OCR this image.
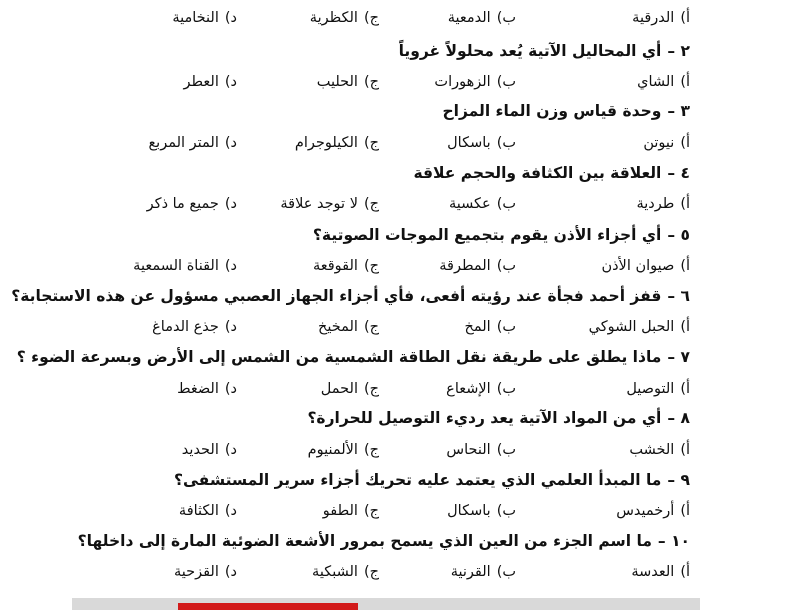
أ)الدرقية
ب)الدمعية
ج)الكظرية
د)النخامية
٢ –أي المحاليل الآتية يُعد محلولاً غروياً
أ)الشاي
ب)الزهورات
ج)الحليب
د)العطر
٣ –وحدة قياس وزن الماء المزاح
أ)نيوتن
ب)باسكال
ج)الكيلوجرام
د)المتر المربع
٤ –العلاقة بين الكثافة والحجم علاقة
أ)طردية
ب)عكسية
ج)لا توجد علاقة
د)جميع ما ذكر
٥ –أي أجزاء الأذن يقوم بتجميع الموجات الصوتية؟
أ)صيوان الأذن
ب)المطرقة
ج)القوقعة
د)القناة السمعية
٦ –قفز أحمد فجأة عند رؤيته أفعى، فأي أجزاء الجهاز العصبي مسؤول عن هذه الاستجابة؟
أ)الحبل الشوكي
ب)المخ
ج)المخيخ
د)جذع الدماغ
٧ –ماذا يطلق على طريقة نقل الطاقة الشمسية من الشمس إلى الأرض وبسرعة الضوء ؟
أ)التوصيل
ب)الإشعاع
ج)الحمل
د)الضغط
٨ –أي من المواد الآتية يعد رديء التوصيل للحرارة؟
أ)الخشب
ب)النحاس
ج)الألمنيوم
د)الحديد
٩ –ما المبدأ العلمي الذي يعتمد عليه تحريك أجزاء سرير المستشفى؟
أ)أرخميدس
ب)باسكال
ج)الطفو
د)الكثافة
١٠ –ما اسم الجزء من العين الذي يسمح بمرور الأشعة الضوئية المارة إلى داخلها؟
أ)العدسة
ب)القرنية
ج)الشبكية
د)القزحية
